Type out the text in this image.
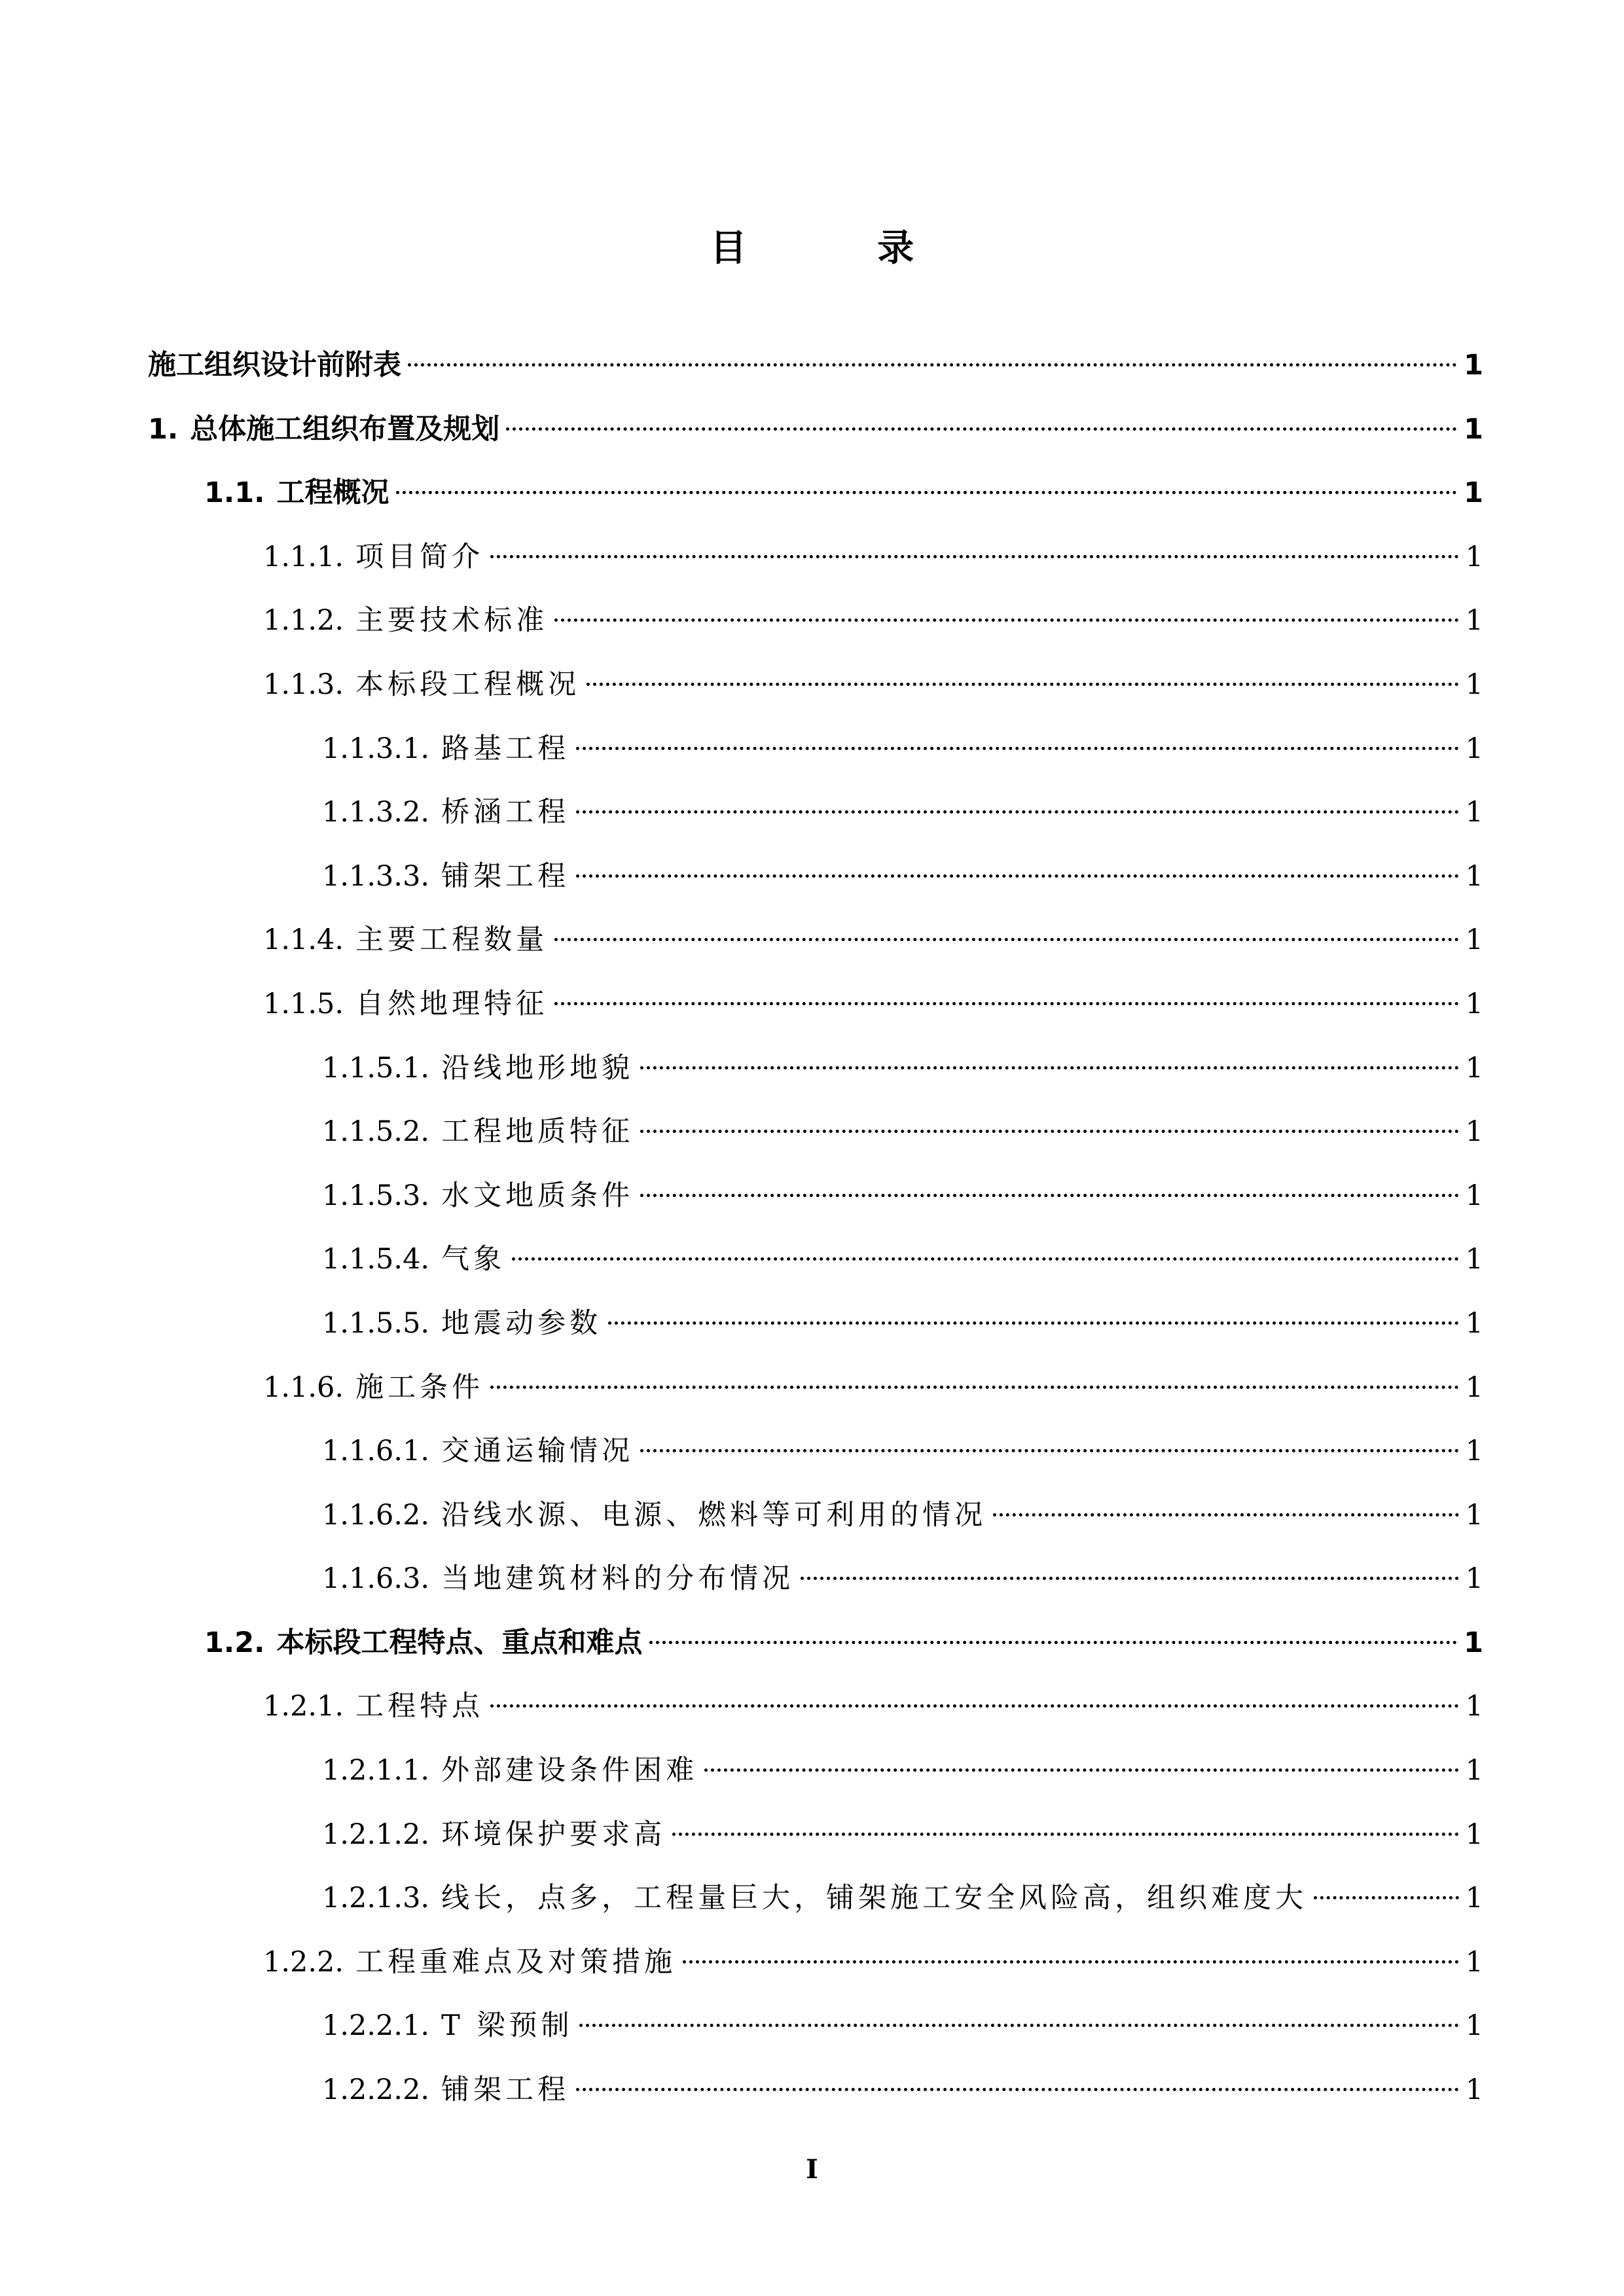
目 录
施工组织设计前附表	1
1. 总体施工组织布置及规划	1
1.1. 工程概况	1
1.1.1. 项目简介	1
1.1.2. 主要技术标准	1
1.1.3. 本标段工程概况	1
1.1.3.1. 路基工程	1
1.1.3.2. 桥涵工程	1
1.1.3.3. 铺架工程	1
1.1.4. 主要工程数量	1
1.1.5. 自然地理特征	1
1.1.5.1. 沿线地形地貌	1
1.1.5.2. 工程地质特征	1
1.1.5.3. 水文地质条件	1
1.1.5.4. 气象	1
1.1.5.5. 地震动参数	1
1.1.6. 施工条件	1
1.1.6.1. 交通运输情况	1
1.1.6.2. 沿线水源、电源、燃料等可利用的情况	1
1.1.6.3. 当地建筑材料的分布情况	1
1.2. 本标段工程特点、重点和难点	1
1.2.1. 工程特点	1
1.2.1.1. 外部建设条件困难	1
1.2.1.2. 环境保护要求高	1
1.2.1.3. 线长，点多，工程量巨大，铺架施工安全风险高，组织难度大	1
1.2.2. 工程重难点及对策措施	1
1.2.2.1. T 梁预制	1
1.2.2.2. 铺架工程	1
I
